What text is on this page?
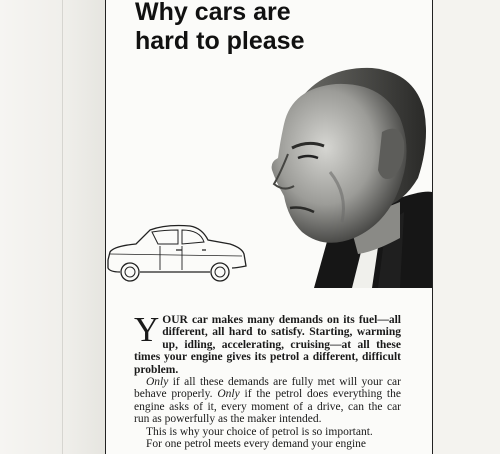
Why cars are
hard to please

YOUR car makes many demands on its fuel—all different, all hard to satisfy. Starting, warming up, idling, accelerating, cruising—at all these times your engine gives its petrol a different, difficult problem.

Only if all these demands are fully met will your car behave properly. Only if the petrol does everything the engine asks of it, every moment of a drive, can the car run as powerfully as the maker intended.

This is why your choice of petrol is so important.

For one petrol meets every demand your engine
